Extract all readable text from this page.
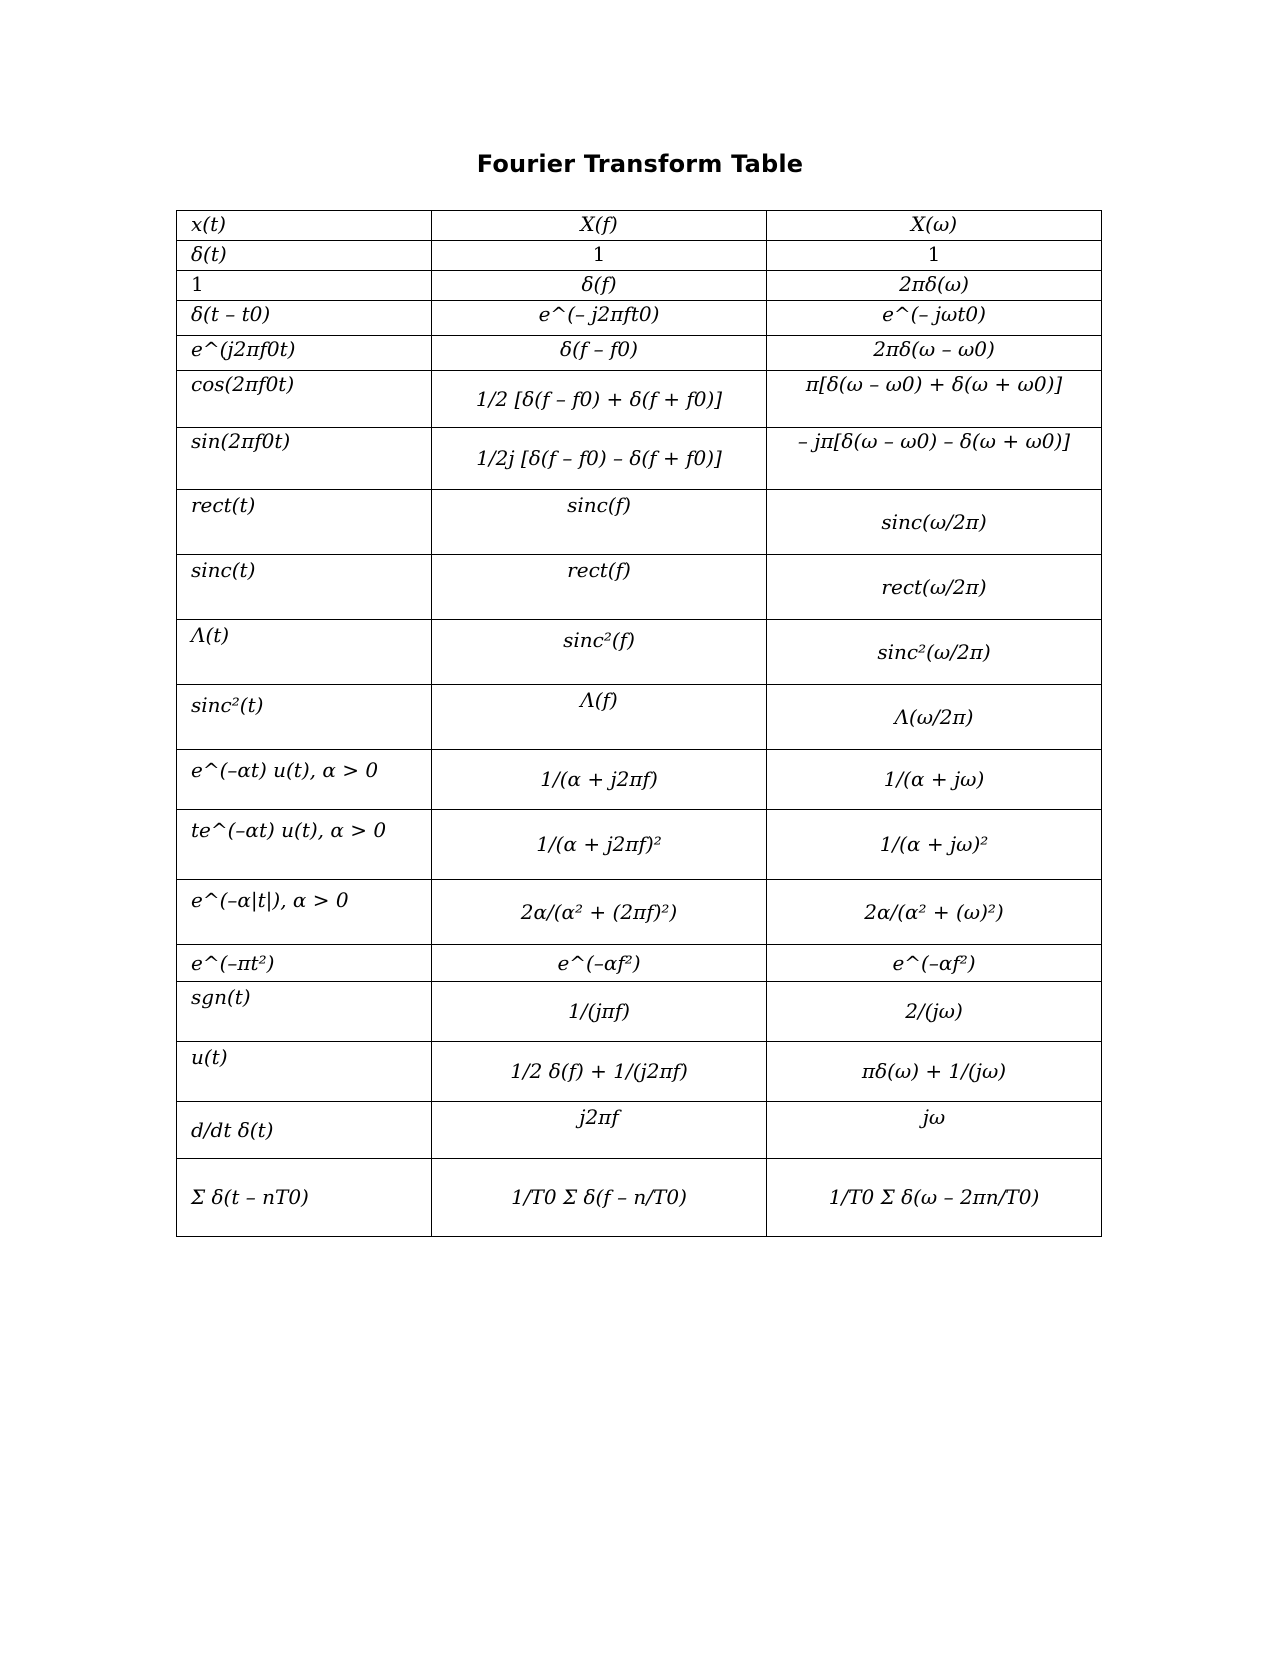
Fourier Transform Table
x(t)	X(f)	X(ω)
δ(t)	1	1
1	δ(f)	2πδ(ω)
δ(t – t0)	e^(– j2πft0)	e^(– jωt0)
e^(j2πf0t)	δ(f – f0)	2πδ(ω – ω0)
cos(2πf0t)	1/2 [δ(f – f0) + δ(f + f0)]	π[δ(ω – ω0) + δ(ω + ω0)]
sin(2πf0t)	1/2j [δ(f – f0) – δ(f + f0)]	– jπ[δ(ω – ω0) – δ(ω + ω0)]

rect(t)	sinc(f)	sinc(ω/2π)

sinc(t)	rect(f)	rect(ω/2π)

Λ(t)	sinc²(f)	sinc²(ω/2π)

sinc²(t)	Λ(f)	Λ(ω/2π)

e^(–αt) u(t), α > 0	1/(α + j2πf)	1/(α + jω)

te^(–αt) u(t), α > 0	1/(α + j2πf)²	1/(α + jω)²

e^(–α|t|), α > 0	2α/(α² + (2πf)²)	2α/(α² + (ω)²)

e^(–πt²)	e^(–αf²)	e^(–αf²)

sgn(t)	1/(jπf)	2/(jω)

u(t)	1/2 δ(f) + 1/(j2πf)	πδ(ω) + 1/(jω)

d/dt δ(t)	j2πf	jω

Σ δ(t – nT0)	1/T0 Σ δ(f – n/T0)	1/T0 Σ δ(ω – 2πn/T0)
